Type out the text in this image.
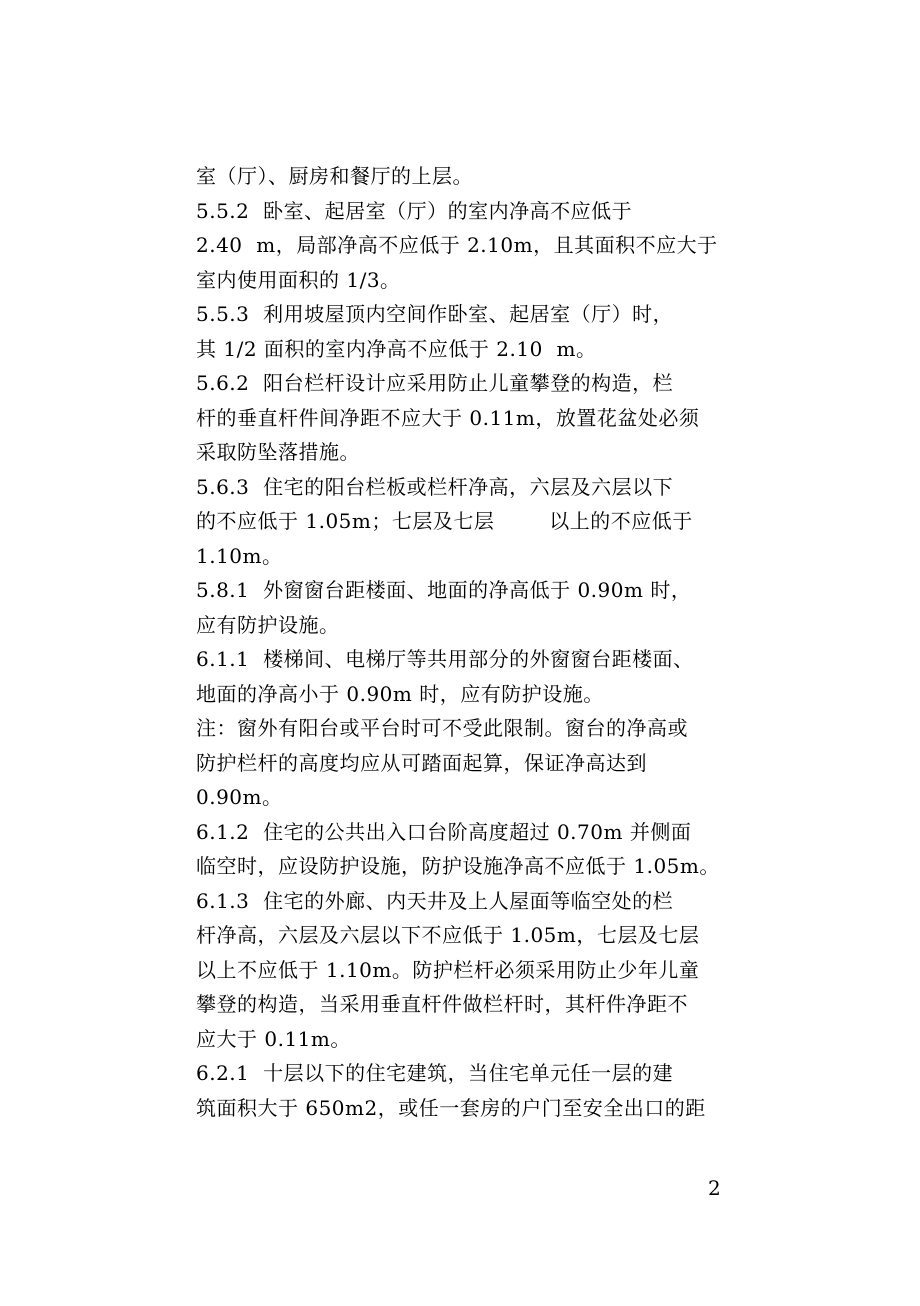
室（厅）、厨房和餐厅的上层。
5.5.2  卧室、起居室（厅）的室内净高不应低于
2.40  m，局部净高不应低于 2.10m，且其面积不应大于
室内使用面积的 1/3。
5.5.3  利用坡屋顶内空间作卧室、起居室（厅）时，
其 1/2 面积的室内净高不应低于 2.10  m。
5.6.2  阳台栏杆设计应采用防止儿童攀登的构造，栏
杆的垂直杆件间净距不应大于 0.11m，放置花盆处必须
采取防坠落措施。
5.6.3  住宅的阳台栏板或栏杆净高，六层及六层以下
的不应低于 1.05m；七层及七层        以上的不应低于
1.10m。
5.8.1  外窗窗台距楼面、地面的净高低于 0.90m 时，
应有防护设施。
6.1.1  楼梯间、电梯厅等共用部分的外窗窗台距楼面、
地面的净高小于 0.90m 时，应有防护设施。
注：窗外有阳台或平台时可不受此限制。窗台的净高或
防护栏杆的高度均应从可踏面起算，保证净高达到
0.90m。
6.1.2  住宅的公共出入口台阶高度超过 0.70m 并侧面
临空时，应设防护设施，防护设施净高不应低于 1.05m。
6.1.3  住宅的外廊、内天井及上人屋面等临空处的栏
杆净高，六层及六层以下不应低于 1.05m，七层及七层
以上不应低于 1.10m。防护栏杆必须采用防止少年儿童
攀登的构造，当采用垂直杆件做栏杆时，其杆件净距不
应大于 0.11m。
6.2.1  十层以下的住宅建筑，当住宅单元任一层的建
筑面积大于 650m2，或任一套房的户门至安全出口的距
2
